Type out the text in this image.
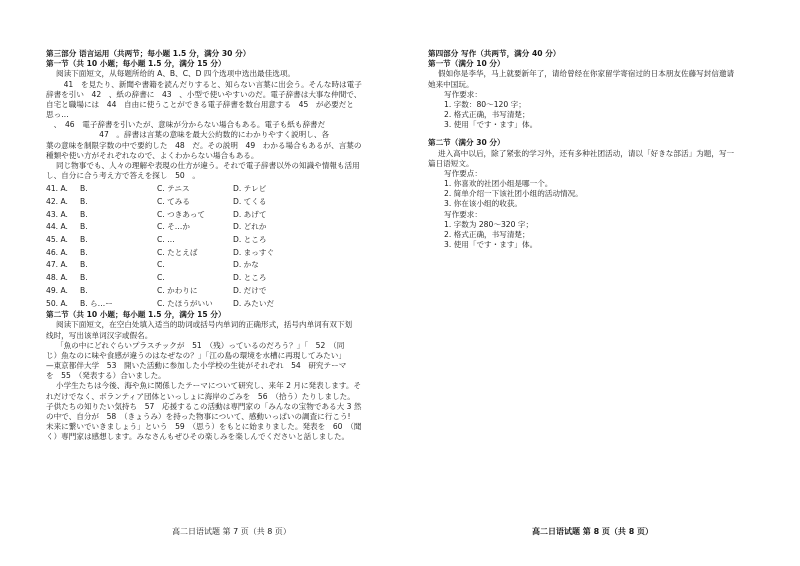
第三部分 语言运用（共两节；每小题 1.5 分，满分 30 分）

第一节（共 10 小题；每小题 1.5 分，满分 15 分）

阅读下面短文，从每题所给的 A、B、C、D 四个选项中选出最佳选项。

　41　を見たり、新聞や書籍を読んだりすると、知らない言葉に出会う。そんな時は電子

辞書を引い　42　、紙の辞書に　43　、小型で使いやすいのだ。電子辞書は大事な仲間で、

自宅と職場には　44　自由に使うことができる電子辞書を数台用意する　45　が必要だと

思っ…

　、　46　電子辞書を引いたが、意味が分からない場合もある。電子も紙も辞書だ

　　　　　　　47　。辞書は言葉の意味を最大公約数的にわかりやすく説明し、各

葉の意味を制限字数の中で要約した　48　だ。その説明　49　わかる場合もあるが、言葉の

種類や使い方がそれぞれなので、よくわからない場合もある。

同じ物事でも、人々の理解や表現の仕方が違う。それで電子辞書以外の知識や情報も活用

し、自分に合う考え方で答えを探し　50　。

41. A.	B.	C. テニス	D. テレビ
42. A.	B.	C. てみる	D. てくる
43. A.	B.	C. つきあって	D. あげて
44. A.	B.	C. そ…か	D. どれか
45. A.	B.	C. …	D. ところ
46. A.	B.	C. たとえば	D. まっすぐ
47. A.	B.	C.	D. かな
48. A.	B.	C.	D. ところ
49. A.	B.	C. かわりに	D. だけで
50. A.	B. ら…ー	C. たほうがいい	D. みたいだ

第二节（共 10 小题；每小题 1.5 分，满分 15 分）

阅读下面短文，在空白处填入适当的助词或括号内单词的正确形式，括号内单词有双下划

线时，写出该单词汉字或假名。

「魚の中にどれぐらいプラスチックが　51　（残）っているのだろう？」「　52　（同

じ）魚なのに味や食感が違うのはなぜなの？」「江の島の環境を水槽に再現してみたい」

—東京都伴大学　53　開いた活動に参加した小学校の生徒がそれぞれ　54　研究テーマ

を　55　（発表する）合いました。

小学生たちは今後、海や魚に関係したテーマについて研究し、来年 2 月に発表します。そ

れだけでなく、ボランティア団体といっしょに海岸のごみを　56　（拾う）たりしました。

子供たちの知りたい気持ち　57　応援するこの活動は専門家の「みんなの宝物である大 3 然

の中で、自分が　58　（きょうみ）を持った物事について、感動いっぱいの調査に行こう!

未来に繋いでいきましょう」という　59　（思う）をもとに始まりました。発表を　60　（聞

く）専門家は感想します。みなさんもぜひその楽しみを楽しんでくださいと話しました。

第四部分 写作（共两节，满分 40 分）

第一节（满分 10 分）

假如你是李华，马上就要新年了，请给曾经在你家留学寄宿过的日本朋友佐藤写封信邀请

她来中国玩。

写作要求：

1. 字数：80～120 字；

2. 格式正确，书写清楚；

3. 使用「です・ます」体。

第二节（满分 30 分）

进入高中以后，除了紧张的学习外，还有多种社团活动，请以「好きな部活」为题，写一

篇日语短文。

写作要点：

1. 你喜欢的社团小组是哪一个。

2. 简单介绍一下该社团小组的活动情况。

3. 你在该小组的收获。

写作要求：

1. 字数为 280～320 字；

2. 格式正确，书写清楚；

3. 使用「です・ます」体。

高二日语试题 第 7 页（共 8 页）	高二日语试题 第 8 页（共 8 页）
